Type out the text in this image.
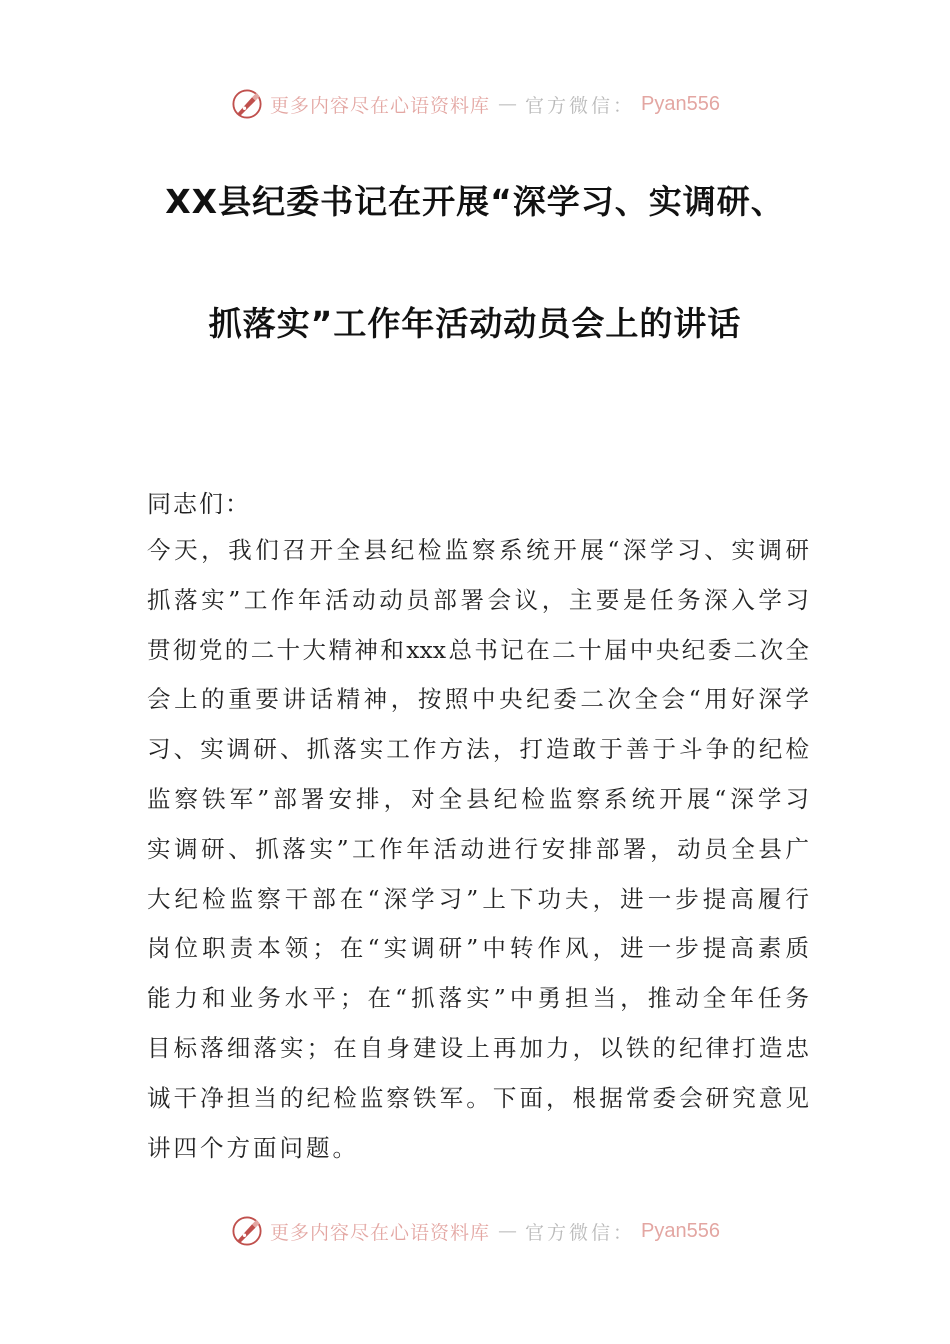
更多内容尽在心语资料库 — 官方微信： Pyan556
XX县纪委书记在开展“深学习、实调研、
抓落实”工作年活动动员会上的讲话
同志们：
今天，我们召开全县纪检监察系统开展“深学习、实调研
抓落实”工作年活动动员部署会议，主要是任务深入学习
贯彻党的二十大精神和xxx总书记在二十届中央纪委二次全
会上的重要讲话精神，按照中央纪委二次全会“用好深学
习、实调研、抓落实工作方法，打造敢于善于斗争的纪检
监察铁军”部署安排，对全县纪检监察系统开展“深学习
实调研、抓落实”工作年活动进行安排部署，动员全县广
大纪检监察干部在“深学习”上下功夫，进一步提高履行
岗位职责本领；在“实调研”中转作风，进一步提高素质
能力和业务水平；在“抓落实”中勇担当，推动全年任务
目标落细落实；在自身建设上再加力，以铁的纪律打造忠
诚干净担当的纪检监察铁军。下面，根据常委会研究意见
讲四个方面问题。
更多内容尽在心语资料库 — 官方微信： Pyan556
